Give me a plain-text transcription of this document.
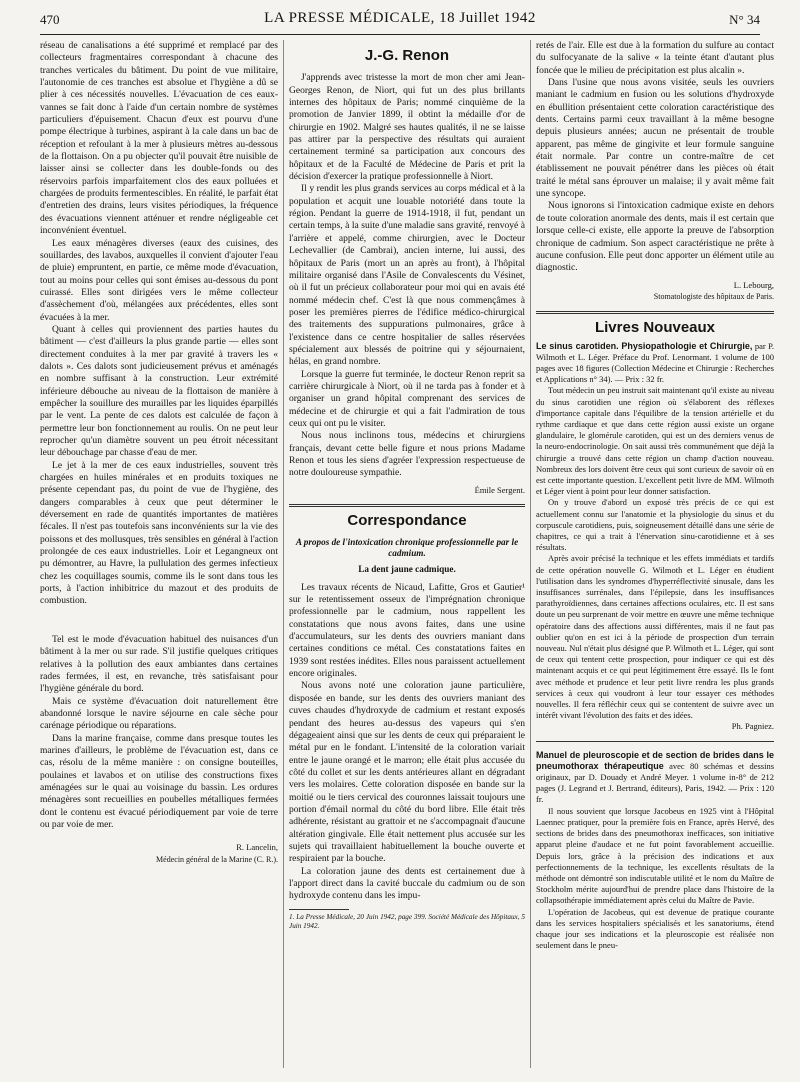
470	LA PRESSE MÉDICALE, 18 Juillet 1942	N° 34

réseau de canalisations a été supprimé et remplacé par des collecteurs fragmentaires correspondant à chacune des tranches verticales du bâtiment. Du point de vue militaire, l'autonomie de ces tranches est absolue et l'hygiène a dû se plier à ces nécessités nouvelles. L'évacuation de ces eaux-vannes se fait donc à l'aide d'un certain nombre de systèmes particuliers d'épuisement. Chacun d'eux est pourvu d'une pompe électrique à turbines, aspirant à la cale dans un bac de réception et refoulant à la mer à plusieurs mètres au-dessous de la flottaison. On a pu objecter qu'il pouvait être nuisible de laisser ainsi se collecter dans les double-fonds ou des réservoirs parfois imparfaitement clos des eaux polluées et chargées de produits fermentescibles. En réalité, le parfait état d'entretien des drains, leurs visites périodiques, la fréquence des évacuations viennent atténuer et rendre négligeable cet inconvénient éventuel.

Les eaux ménagères diverses (eaux des cuisines, des souillardes, des lavabos, auxquelles il convient d'ajouter l'eau de pluie) empruntent, en partie, ce même mode d'évacuation, tout au moins pour celles qui sont émises au-dessous du pont cuirassé. Elles sont dirigées vers le même collecteur d'assèchement d'où, mélangées aux précédentes, elles sont évacuées à la mer.

Quant à celles qui proviennent des parties hautes du bâtiment — c'est d'ailleurs la plus grande partie — elles sont directement conduites à la mer par gravité à travers les « dalots ». Ces dalots sont judicieusement prévus et aménagés en nombre suffisant à la construction. Leur extrémité inférieure débouche au niveau de la flottaison de manière à empêcher la souillure des murailles par les liquides éparpillés par le vent. La pente de ces dalots est calculée de façon à permettre leur bon fonctionnement au roulis. On ne peut leur reprocher qu'un diamètre souvent un peu étroit nécessitant leur débouchage par chasse d'eau de mer.

Le jet à la mer de ces eaux industrielles, souvent très chargées en huiles minérales et en produits toxiques ne présente cependant pas, du point de vue de l'hygiène, des dangers comparables à ceux que peut déterminer le déversement en rade de quantités importantes de matières fécales. Il n'est pas toutefois sans inconvénients sur la vie des poissons et des mollusques, très sensibles en général à l'action prolongée de ces eaux industrielles. Loir et Legangneux ont pu démontrer, au Havre, la pullulation des germes infectieux chez les coquillages soumis, comme ils le sont dans tous les ports, à l'action inhibitrice du mazout et des produits de combustion.

Tel est le mode d'évacuation habituel des nuisances d'un bâtiment à la mer ou sur rade. S'il justifie quelques critiques relatives à la pollution des eaux ambiantes dans certaines rades fermées, il est, en revanche, très satisfaisant pour l'hygiène générale du bord.

Mais ce système d'évacuation doit naturellement être abandonné lorsque le navire séjourne en cale sèche pour carénage périodique ou réparations.

Dans la marine française, comme dans presque toutes les marines d'ailleurs, le problème de l'évacuation est, dans ce cas, résolu de la même manière : on consigne bouteilles, poulaines et lavabos et on utilise des constructions fixes aménagées sur le quai au voisinage du bassin. Les ordures ménagères sont recueillies en poubelles métalliques fermées dont le contenu est évacué périodiquement par voie de terre ou par voie de mer.

R. Lancelin,

Médecin général de la Marine (C. R.).

J.-G. Renon

J'apprends avec tristesse la mort de mon cher ami Jean-Georges Renon, de Niort, qui fut un des plus brillants internes des hôpitaux de Paris; nommé cinquième de la promotion de Janvier 1899, il obtint la médaille d'or de chirurgie en 1902. Malgré ses hautes qualités, il ne se laisse pas attirer par la perspective des résultats qui auraient certainement terminé sa participation aux concours des hôpitaux et de la Faculté de Médecine de Paris et prit la décision d'exercer la pratique professionnelle à Niort.

Il y rendit les plus grands services au corps médical et à la population et acquit une louable notoriété dans toute la région. Pendant la guerre de 1914-1918, il fut, pendant un certain temps, à la suite d'une maladie sans gravité, renvoyé à l'arrière et appelé, comme chirurgien, avec le Docteur Lechevallier (de Cambrai), ancien interne, lui aussi, des hôpitaux de Paris (mort un an après au front), à l'hôpital militaire organisé dans l'Asile de Convalescents du Vésinet, où il fut un précieux collaborateur pour moi qui en avais été nommé médecin chef. C'est là que nous commençâmes à poser les premières pierres de l'édifice médico-chirurgical des traitements des suppurations pulmonaires, grâce à l'existence dans ce centre hospitalier de salles réservées spécialement aux blessés de poitrine qui y séjournaient, hélas, en grand nombre.

Lorsque la guerre fut terminée, le docteur Renon reprit sa carrière chirurgicale à Niort, où il ne tarda pas à fonder et à organiser un grand hôpital comprenant des services de médecine et de chirurgie et qui a fait l'admiration de tous ceux qui ont pu le visiter.

Nous nous inclinons tous, médecins et chirurgiens français, devant cette belle figure et nous prions Madame Renon et tous les siens d'agréer l'expression respectueuse de notre douloureuse sympathie.

Émile Sergent.

Correspondance

A propos de l'intoxication chronique professionnelle par le cadmium.

La dent jaune cadmique.

Les travaux récents de Nicaud, Lafitte, Gros et Gautier¹ sur le retentissement osseux de l'imprégnation chronique professionnelle par le cadmium, nous rappellent les constatations que nous avons faites, dans une usine d'accumulateurs, sur les dents des ouvriers maniant dans certaines conditions ce métal. Ces constatations faites en 1939 sont restées inédites. Elles nous paraissent actuellement encore originales.

Nous avons noté une coloration jaune particulière, disposée en bande, sur les dents des ouvriers maniant des cuves chaudes d'hydroxyde de cadmium et restant exposés pendant des heures au-dessus des vapeurs qui s'en dégageaient ainsi que sur les dents de ceux qui préparaient le métal pur en le fondant. L'intensité de la coloration variait entre le jaune orangé et le marron; elle était plus accusée du côté du collet et sur les dents antérieures allant en dégradant vers les molaires. Cette coloration disposée en bande sur la moitié ou le tiers cervical des couronnes laissait toujours une portion d'émail normal du côté du bord libre. Elle était très adhérente, résistant au grattoir et ne s'accompagnait d'aucune altération gingivale. Elle était nettement plus accusée sur les sujets qui travaillaient habituellement la bouche ouverte et respiraient par la bouche.

La coloration jaune des dents est certainement due à l'apport direct dans la cavité buccale du cadmium ou de son hydroxyde contenu dans les impu-

1. La Presse Médicale, 20 Juin 1942, page 399. Société Médicale des Hôpitaux, 5 Juin 1942.

retés de l'air. Elle est due à la formation du sulfure au contact du sulfocyanate de la salive « la teinte étant d'autant plus foncée que le milieu de précipitation est plus alcalin ».

Dans l'usine que nous avons visitée, seuls les ouvriers maniant le cadmium en fusion ou les solutions d'hydroxyde en ébullition présentaient cette coloration caractéristique des dents. Certains parmi ceux travaillant à la même besogne depuis plusieurs années; aucun ne présentait de trouble apparent, pas même de gingivite et leur formule sanguine était normale. Par contre un contre-maître de cet établissement ne pouvait pénétrer dans les pièces où était traité le métal sans éprouver un malaise; il y avait même fait une syncope.

Nous ignorons si l'intoxication cadmique existe en dehors de toute coloration anormale des dents, mais il est certain que lorsque celle-ci existe, elle apporte la preuve de l'absorption chronique de cadmium. Son aspect caractéristique ne prête à aucune confusion. Elle peut donc apporter un élément utile au diagnostic.

L. Lebourg,

Stomatologiste des hôpitaux de Paris.

Livres Nouveaux

Le sinus carotiden. Physiopathologie et Chirurgie, par P. Wilmoth et L. Léger. Préface du Prof. Lenormant. 1 volume de 100 pages avec 18 figures (Collection Médecine et Chirurgie : Recherches et Applications n° 34). — Prix : 32 fr.

Tout médecin un peu instruit sait maintenant qu'il existe au niveau du sinus carotidien une région où s'élaborent des réflexes d'importance capitale dans l'équilibre de la tension artérielle et du rythme cardiaque et que dans cette région aussi existe un organe glandulaire, le glomérule carotiden, qui est un des derniers venus de la neuro-endocrinologie. On sait aussi très communément que déjà la chirurgie a trouvé dans cette région un champ d'action nouveau. Nombreux des lors doivent être ceux qui sont curieux de savoir où en est cette importante question. L'excellent petit livre de MM. Wilmoth et Léger vient à point pour leur donner satisfaction.

On y trouve d'abord un exposé très précis de ce qui est actuellement connu sur l'anatomie et la physiologie du sinus et du corpuscule carotidiens, puis, soigneusement détaillé dans une série de chapitres, ce qui a trait à l'énervation sinu-carotidienne et à ses résultats.

Après avoir précisé la technique et les effets immédiats et tardifs de cette opération nouvelle G. Wilmoth et L. Léger en étudient l'utilisation dans les syndromes d'hyperréflectivité sinusale, dans les insuffisances surrénales, dans l'épilepsie, dans les insuffisances parathyroïdiennes, dans certaines affections oculaires, etc. Il est sans doute un peu surprenant de voir mettre en œuvre une même technique opératoire dans des affections aussi différentes, mais il ne faut pas oublier qu'on en est ici à la période de prospection d'un terrain nouveau. Nul n'était plus désigné que P. Wilmoth et L. Léger, qui sont de ceux qui tentent cette prospection, pour indiquer ce qui est dès maintenant acquis et ce qui peut légitimement être essayé. Ils le font avec méthode et prudence et leur petit livre rendra les plus grands services à ceux qui voudront à leur tour essayer ces méthodes nouvelles. Il fera réfléchir ceux qui se contentent de suivre avec un intérêt vivant l'évolution des faits et des idées.

Ph. Pagniez.

Manuel de pleuroscopie et de section de brides dans le pneumothorax thérapeutique avec 80 schémas et dessins originaux, par D. Douady et André Meyer. 1 volume in-8° de 212 pages (J. Legrand et J. Bertrand, éditeurs), Paris, 1942. — Prix : 120 fr.

Il nous souvient que lorsque Jacobeus en 1925 vint à l'Hôpital Laennec pratiquer, pour la première fois en France, après Hervé, des sections de brides dans des pneumothorax inefficaces, son initiative apparut pleine d'audace et ne fut point favorablement accueillie. Depuis lors, grâce à la précision des indications et aux perfectionnements de la technique, les excellents résultats de la méthode ont démontré son indiscutable utilité et le nom du Maître de Stockholm mérite aujourd'hui de prendre place dans l'histoire de la collapsothérapie immédiatement après celui du Maître de Pavie.

L'opération de Jacobeus, qui est devenue de pratique courante dans les services hospitaliers spécialisés et les sanatoriums, étend chaque jour ses indications et la pleuroscopie est réalisée non seulement dans le pneu-
